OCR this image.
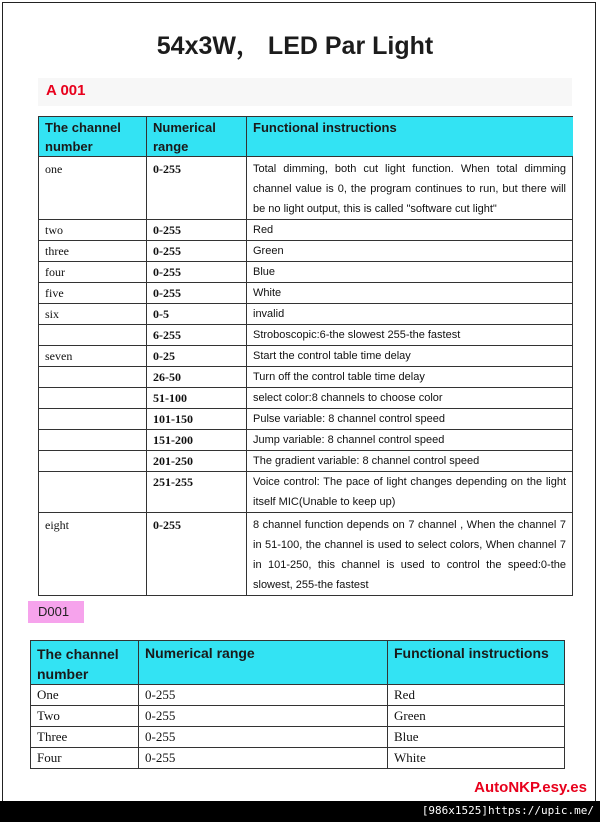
54x3W， LED Par Light
A 001
The channel number	Numerical range	Functional instructions
one	0-255	Total dimming, both cut light function. When total dimming channel value is 0, the program continues to run, but there will be no light output, this is called "software cut light"
two	0-255	Red
three	0-255	Green
four	0-255	Blue
five	0-255	White
six	0-5	invalid
	6-255	Stroboscopic:6-the slowest 255-the fastest
seven	0-25	Start the control table time delay
	26-50	Turn off the control table time delay
	51-100	select color:8 channels to choose color
	101-150	Pulse variable: 8 channel control speed
	151-200	Jump variable: 8 channel control speed
	201-250	The gradient variable: 8 channel control speed
	251-255	Voice control: The pace of light changes depending on the light itself MIC(Unable to keep up)
eight	0-255	8 channel function depends on 7 channel , When the channel 7 in 51-100, the channel is used to select colors, When channel 7 in 101-250, this channel is used to control the speed:0-the slowest, 255-the fastest
D001
The channel number	Numerical range	Functional instructions
One	0-255	Red
Two	0-255	Green
Three	0-255	Blue
Four	0-255	White
AutoNKP.esy.es
[986x1525]https://upic.me/
